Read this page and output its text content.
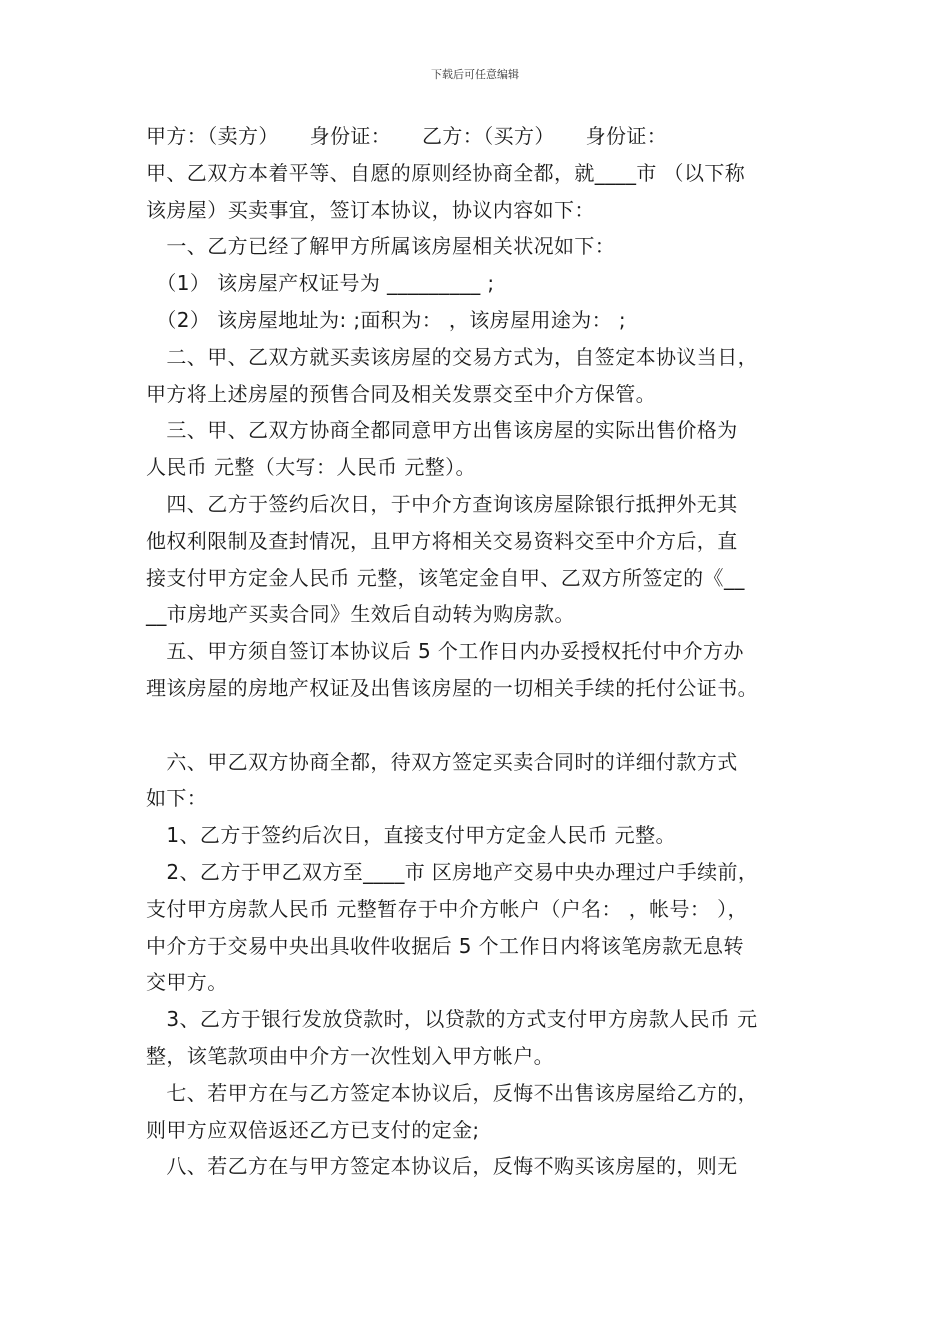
下载后可任意编辑
甲方：（卖方）　　身份证：　　乙方：（买方）　　身份证：
甲、乙双方本着平等、自愿的原则经协商全都，就____市 （以下称
该房屋）买卖事宜，签订本协议，协议内容如下：
　一、乙方已经了解甲方所属该房屋相关状况如下：
　（1） 该房屋产权证号为 _________ ;
　（2） 该房屋地址为: ;面积为： ，该房屋用途为： ;
　二、甲、乙双方就买卖该房屋的交易方式为，自签定本协议当日，
甲方将上述房屋的预售合同及相关发票交至中介方保管。
　三、甲、乙双方协商全都同意甲方出售该房屋的实际出售价格为
人民币 元整（大写：人民币 元整）。
　四、乙方于签约后次日，于中介方查询该房屋除银行抵押外无其
他权利限制及查封情况，且甲方将相关交易资料交至中介方后，直
接支付甲方定金人民币 元整，该笔定金自甲、乙双方所签定的《__
__市房地产买卖合同》生效后自动转为购房款。
　五、甲方须自签订本协议后 5 个工作日内办妥授权托付中介方办
理该房屋的房地产权证及出售该房屋的一切相关手续的托付公证书。
　六、甲乙双方协商全都，待双方签定买卖合同时的详细付款方式
如下：
　1、乙方于签约后次日，直接支付甲方定金人民币 元整。
　2、乙方于甲乙双方至____市 区房地产交易中央办理过户手续前，
支付甲方房款人民币 元整暂存于中介方帐户（户名： ，帐号： ），
中介方于交易中央出具收件收据后 5 个工作日内将该笔房款无息转
交甲方。
　3、乙方于银行发放贷款时，以贷款的方式支付甲方房款人民币 元
整，该笔款项由中介方一次性划入甲方帐户。
　七、若甲方在与乙方签定本协议后，反悔不出售该房屋给乙方的，
则甲方应双倍返还乙方已支付的定金;
　八、若乙方在与甲方签定本协议后，反悔不购买该房屋的，则无
